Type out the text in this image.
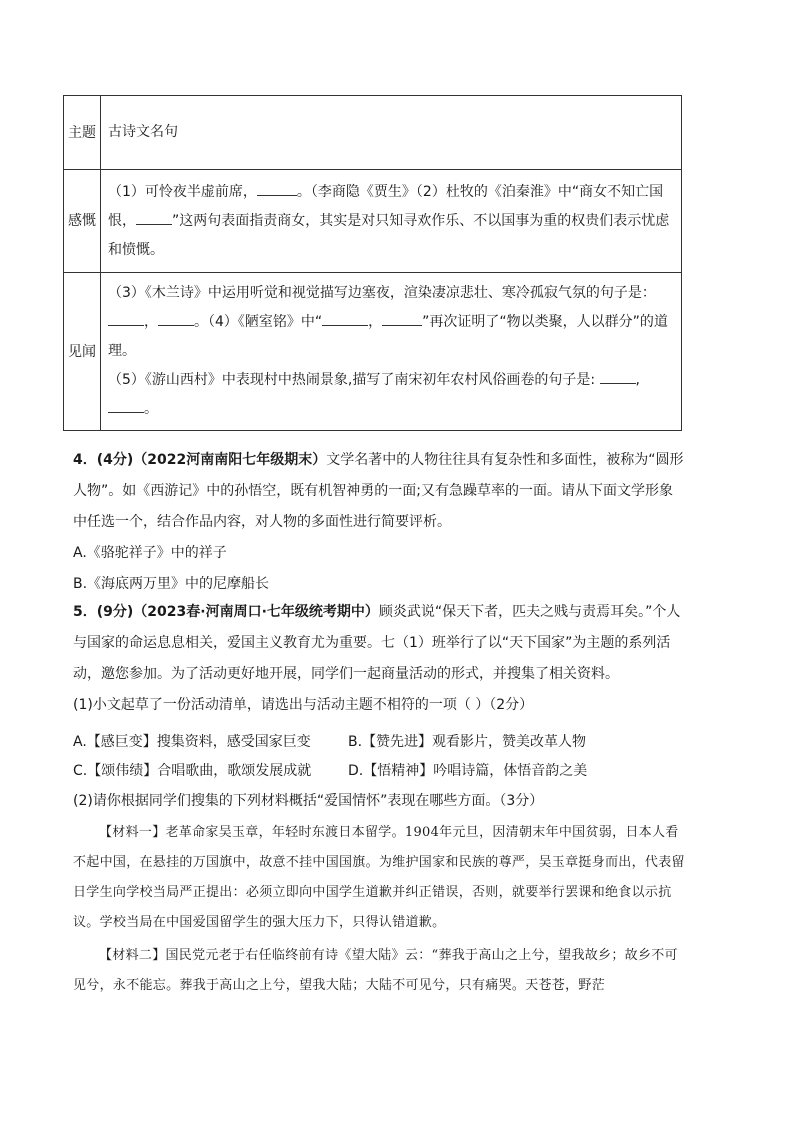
主题	古诗文名句
感慨	（1）可怜夜半虚前席， 。（李商隐《贾生》（2）杜牧的《泊秦淮》中“商女不知亡国恨， ”这两句表面指责商女，其实是对只知寻欢作乐、不以国事为重的权贵们表示忧虑和愤慨。
见闻	（3）《木兰诗》中运用听觉和视觉描写边塞夜，渲染凄凉悲壮、寒冷孤寂气氛的句子是：
， 。（4）《陋室铭》中“ ， ”再次证明了“物以类聚，人以群分”的道理。
（5）《游山西村》中表现村中热闹景象,描写了南宋初年农村风俗画卷的句子是: ,。

4．(4分)（2022河南南阳七年级期末）文学名著中的人物往往具有复杂性和多面性，被称为“圆形人物”。如《西游记》中的孙悟空，既有机智神勇的一面;又有急躁草率的一面。请从下面文学形象中任选一个，结合作品内容，对人物的多面性进行简要评析。
A.《骆驼祥子》中的祥子
B.《海底两万里》中的尼摩船长

5．(9分)（2023春·河南周口·七年级统考期中）顾炎武说“保天下者，匹夫之贱与责焉耳矣。”个人与国家的命运息息相关，爱国主义教育尤为重要。七（1）班举行了以“天下国家”为主题的系列活动，邀您参加。为了活动更好地开展，同学们一起商量活动的形式，并搜集了相关资料。
(1)小文起草了一份活动清单，请选出与活动主题不相符的一项（ ）（2分）

A.【感巨变】搜集资料，感受国家巨变	B.【赞先进】观看影片，赞美改革人物
C.【颂伟绩】合唱歌曲，歌颂发展成就	D.【悟精神】吟唱诗篇，体悟音韵之美

(2)请你根据同学们搜集的下列材料概括“爱国情怀”表现在哪些方面。（3分）

【材料一】老革命家吴玉章，年轻时东渡日本留学。1904年元旦，因清朝末年中国贫弱，日本人看不起中国，在悬挂的万国旗中，故意不挂中国国旗。为维护国家和民族的尊严，吴玉章挺身而出，代表留日学生向学校当局严正提出：必须立即向中国学生道歉并纠正错误，否则，就要举行罢课和绝食以示抗议。学校当局在中国爱国留学生的强大压力下，只得认错道歉。

【材料二】国民党元老于右任临终前有诗《望大陆》云：“葬我于高山之上兮，望我故乡；故乡不可见兮，永不能忘。葬我于高山之上兮，望我大陆；大陆不可见兮，只有痛哭。天苍苍，野茫
